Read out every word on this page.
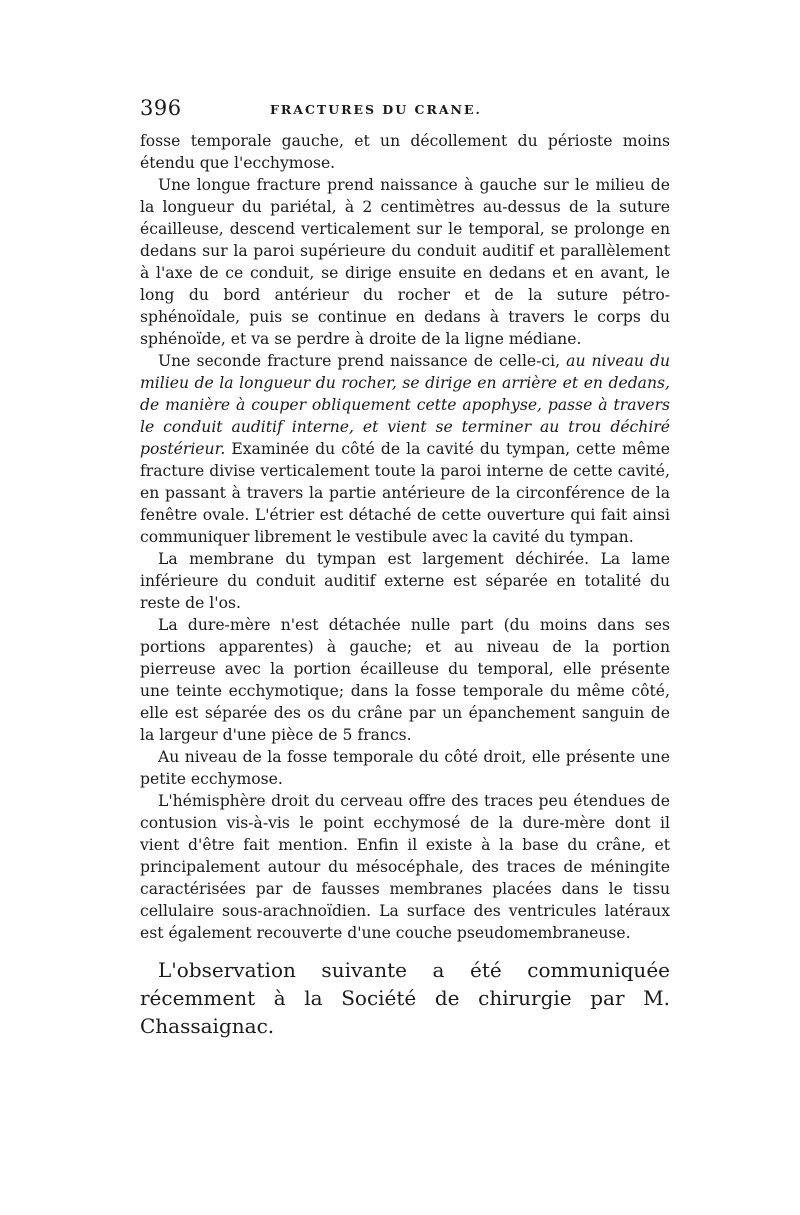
396	FRACTURES DU CRANE.

fosse temporale gauche, et un décollement du périoste moins étendu que l'ecchymose.

Une longue fracture prend naissance à gauche sur le milieu de la longueur du pariétal, à 2 centimètres au-dessus de la suture écailleuse, descend verticalement sur le temporal, se prolonge en dedans sur la paroi supérieure du conduit auditif et parallèlement à l'axe de ce conduit, se dirige ensuite en dedans et en avant, le long du bord antérieur du rocher et de la suture pétro-sphénoïdale, puis se continue en dedans à travers le corps du sphénoïde, et va se perdre à droite de la ligne médiane.

Une seconde fracture prend naissance de celle-ci, au niveau du milieu de la longueur du rocher, se dirige en arrière et en dedans, de manière à couper obliquement cette apophyse, passe à travers le conduit auditif interne, et vient se terminer au trou déchiré postérieur. Examinée du côté de la cavité du tympan, cette même fracture divise verticalement toute la paroi interne de cette cavité, en passant à travers la partie antérieure de la circonférence de la fenêtre ovale. L'étrier est détaché de cette ouverture qui fait ainsi communiquer librement le vestibule avec la cavité du tympan.

La membrane du tympan est largement déchirée. La lame inférieure du conduit auditif externe est séparée en totalité du reste de l'os.

La dure-mère n'est détachée nulle part (du moins dans ses portions apparentes) à gauche; et au niveau de la portion pierreuse avec la portion écailleuse du temporal, elle présente une teinte ecchymotique; dans la fosse temporale du même côté, elle est séparée des os du crâne par un épanchement sanguin de la largeur d'une pièce de 5 francs.

Au niveau de la fosse temporale du côté droit, elle présente une petite ecchymose.

L'hémisphère droit du cerveau offre des traces peu étendues de contusion vis-à-vis le point ecchymosé de la dure-mère dont il vient d'être fait mention. Enfin il existe à la base du crâne, et principalement autour du mésocéphale, des traces de méningite caractérisées par de fausses membranes placées dans le tissu cellulaire sous-arachnoïdien. La surface des ventricules latéraux est également recouverte d'une couche pseudomembraneuse.

L'observation suivante a été communiquée récemment à la Société de chirurgie par M. Chassaignac.
